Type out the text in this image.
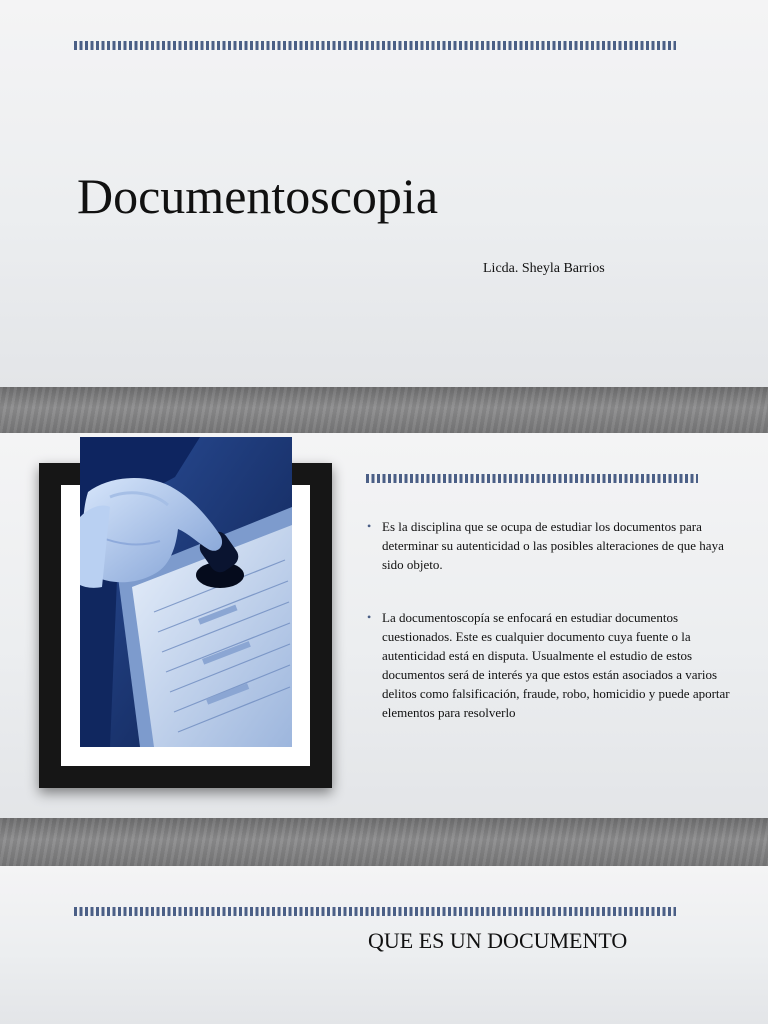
Documentoscopia

Licda. Sheyla Barrios

• Es la disciplina que se ocupa de estudiar los documentos para determinar su autenticidad o las posibles alteraciones de que haya sido objeto.
• La documentoscopía se enfocará en estudiar documentos cuestionados. Este es cualquier documento cuya fuente o la autenticidad está en disputa. Usualmente el estudio de estos documentos será de interés ya que estos están asociados a varios delitos como falsificación, fraude, robo, homicidio y puede aportar elementos para resolverlo
QUE ES UN DOCUMENTO
